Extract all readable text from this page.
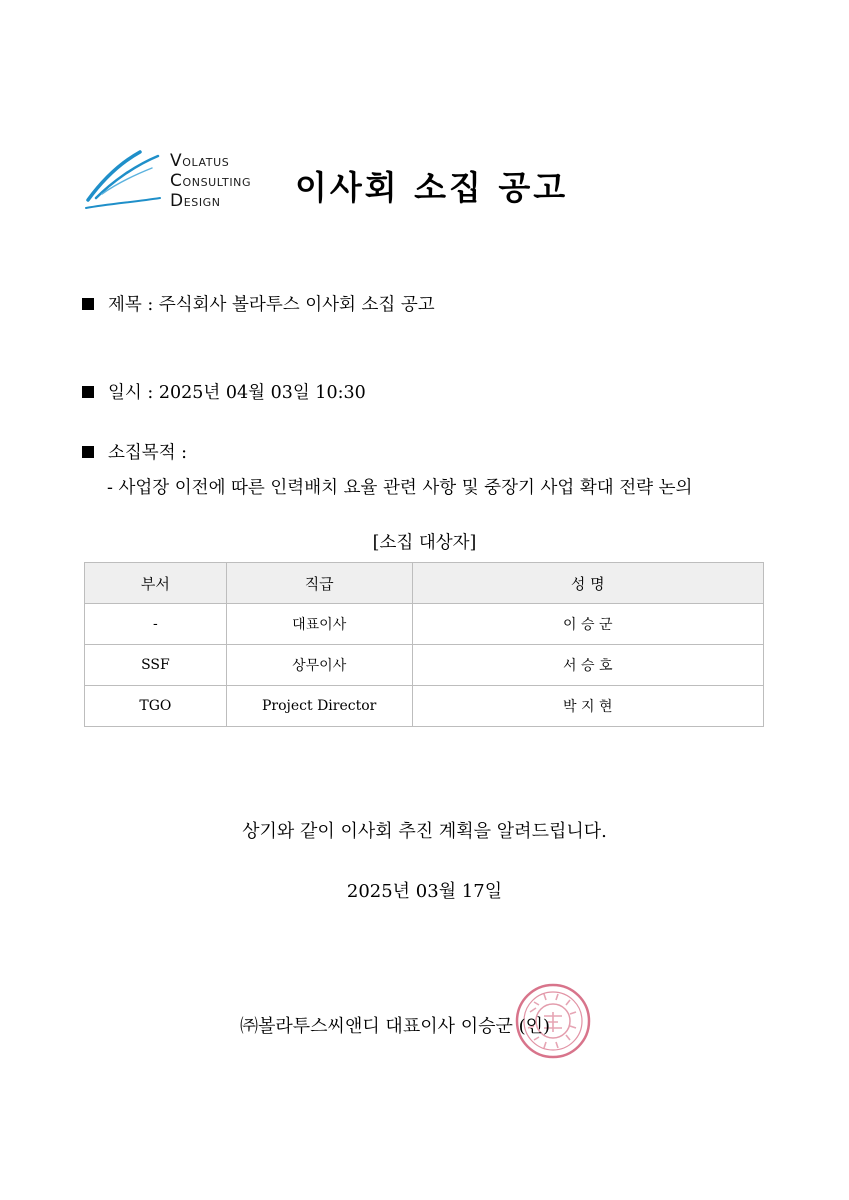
VOLATUS
CONSULTING
DESIGN	이사회 소집 공고
제목 : 주식회사 볼라투스 이사회 소집 공고
일시 : 2025년 04월 03일 10:30
소집목적 :
- 사업장 이전에 따른 인력배치 요율 관련 사항 및 중장기 사업 확대 전략 논의
[소집 대상자]
부서	직급	성 명
-	대표이사	이 승 군
SSF	상무이사	서 승 호
TGO	Project Director	박 지 현
상기와 같이 이사회 추진 계획을 알려드립니다.
2025년 03월 17일
㈜볼라투스씨앤디 대표이사 이승군 (인)
